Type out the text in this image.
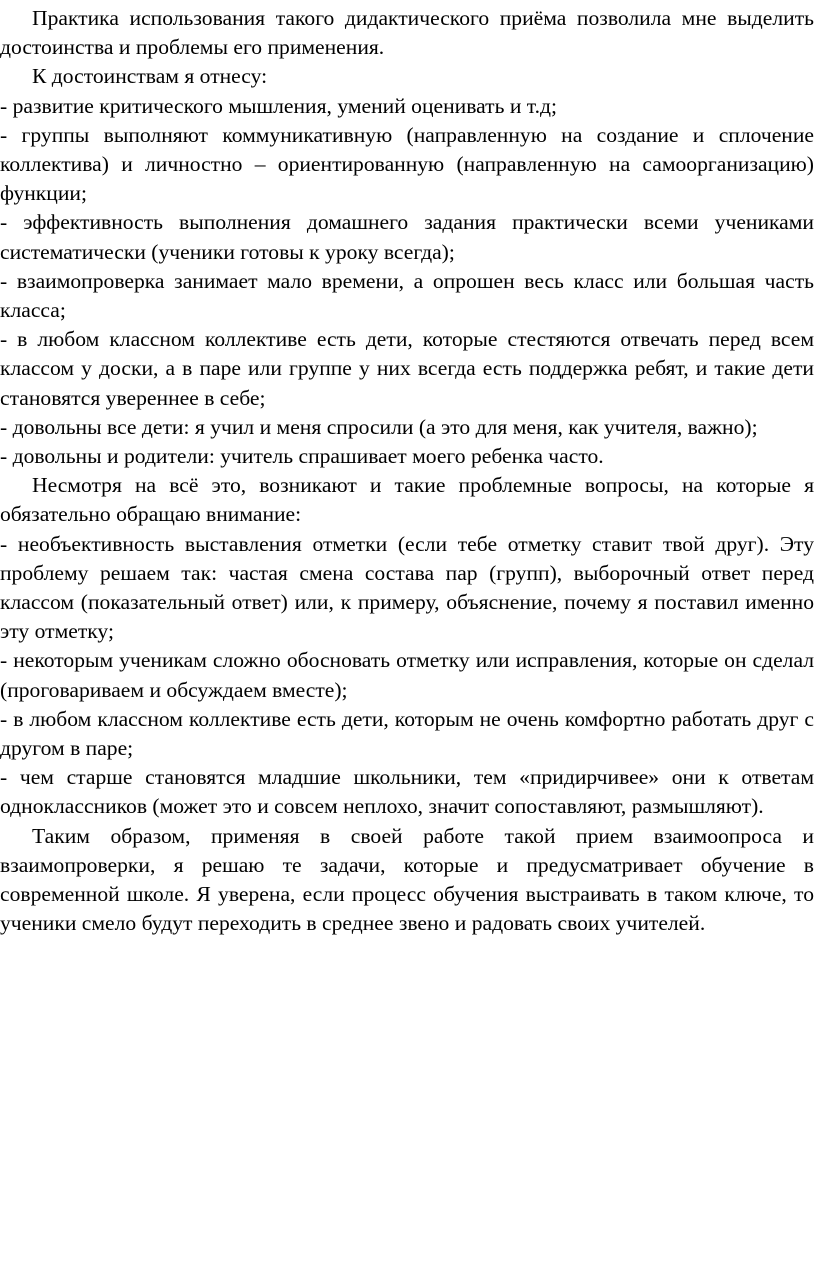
Практика использования такого дидактического приёма позволила мне выделить достоинства и проблемы его применения.

К достоинствам я отнесу:

- развитие критического мышления, умений оценивать и т.д;

- группы выполняют коммуникативную (направленную на создание и сплочение коллектива) и личностно – ориентированную (направленную на самоорганизацию) функции;

- эффективность выполнения домашнего задания практически всеми учениками систематически (ученики готовы к уроку всегда);

- взаимопроверка занимает мало времени, а опрошен весь класс или большая часть класса;

- в любом классном коллективе есть дети, которые стестяются отвечать перед всем классом у доски, а в паре или группе у них всегда есть поддержка ребят, и такие дети становятся увереннее в себе;

- довольны все дети: я учил и меня спросили (а это для меня, как учителя, важно);

- довольны и родители: учитель спрашивает моего ребенка часто.

Несмотря на всё это, возникают и такие проблемные вопросы, на которые я обязательно обращаю внимание:

- необъективность выставления отметки (если тебе отметку ставит твой друг). Эту проблему решаем так: частая смена состава пар (групп), выборочный ответ перед классом (показательный ответ) или, к примеру, объяснение, почему я поставил именно эту отметку;

- некоторым ученикам сложно обосновать отметку или исправления, которые он сделал (проговариваем и обсуждаем вместе);

- в любом классном коллективе есть дети, которым не очень комфортно работать друг с другом в паре;

- чем старше становятся младшие школьники, тем «придирчивее» они к ответам одноклассников (может это и совсем неплохо, значит сопоставляют, размышляют).

Таким образом, применяя в своей работе такой прием взаимоопроса и взаимопроверки, я решаю те задачи, которые и предусматривает обучение в современной школе. Я уверена, если процесс обучения выстраивать в таком ключе, то ученики смело будут переходить в среднее звено и радовать своих учителей.
